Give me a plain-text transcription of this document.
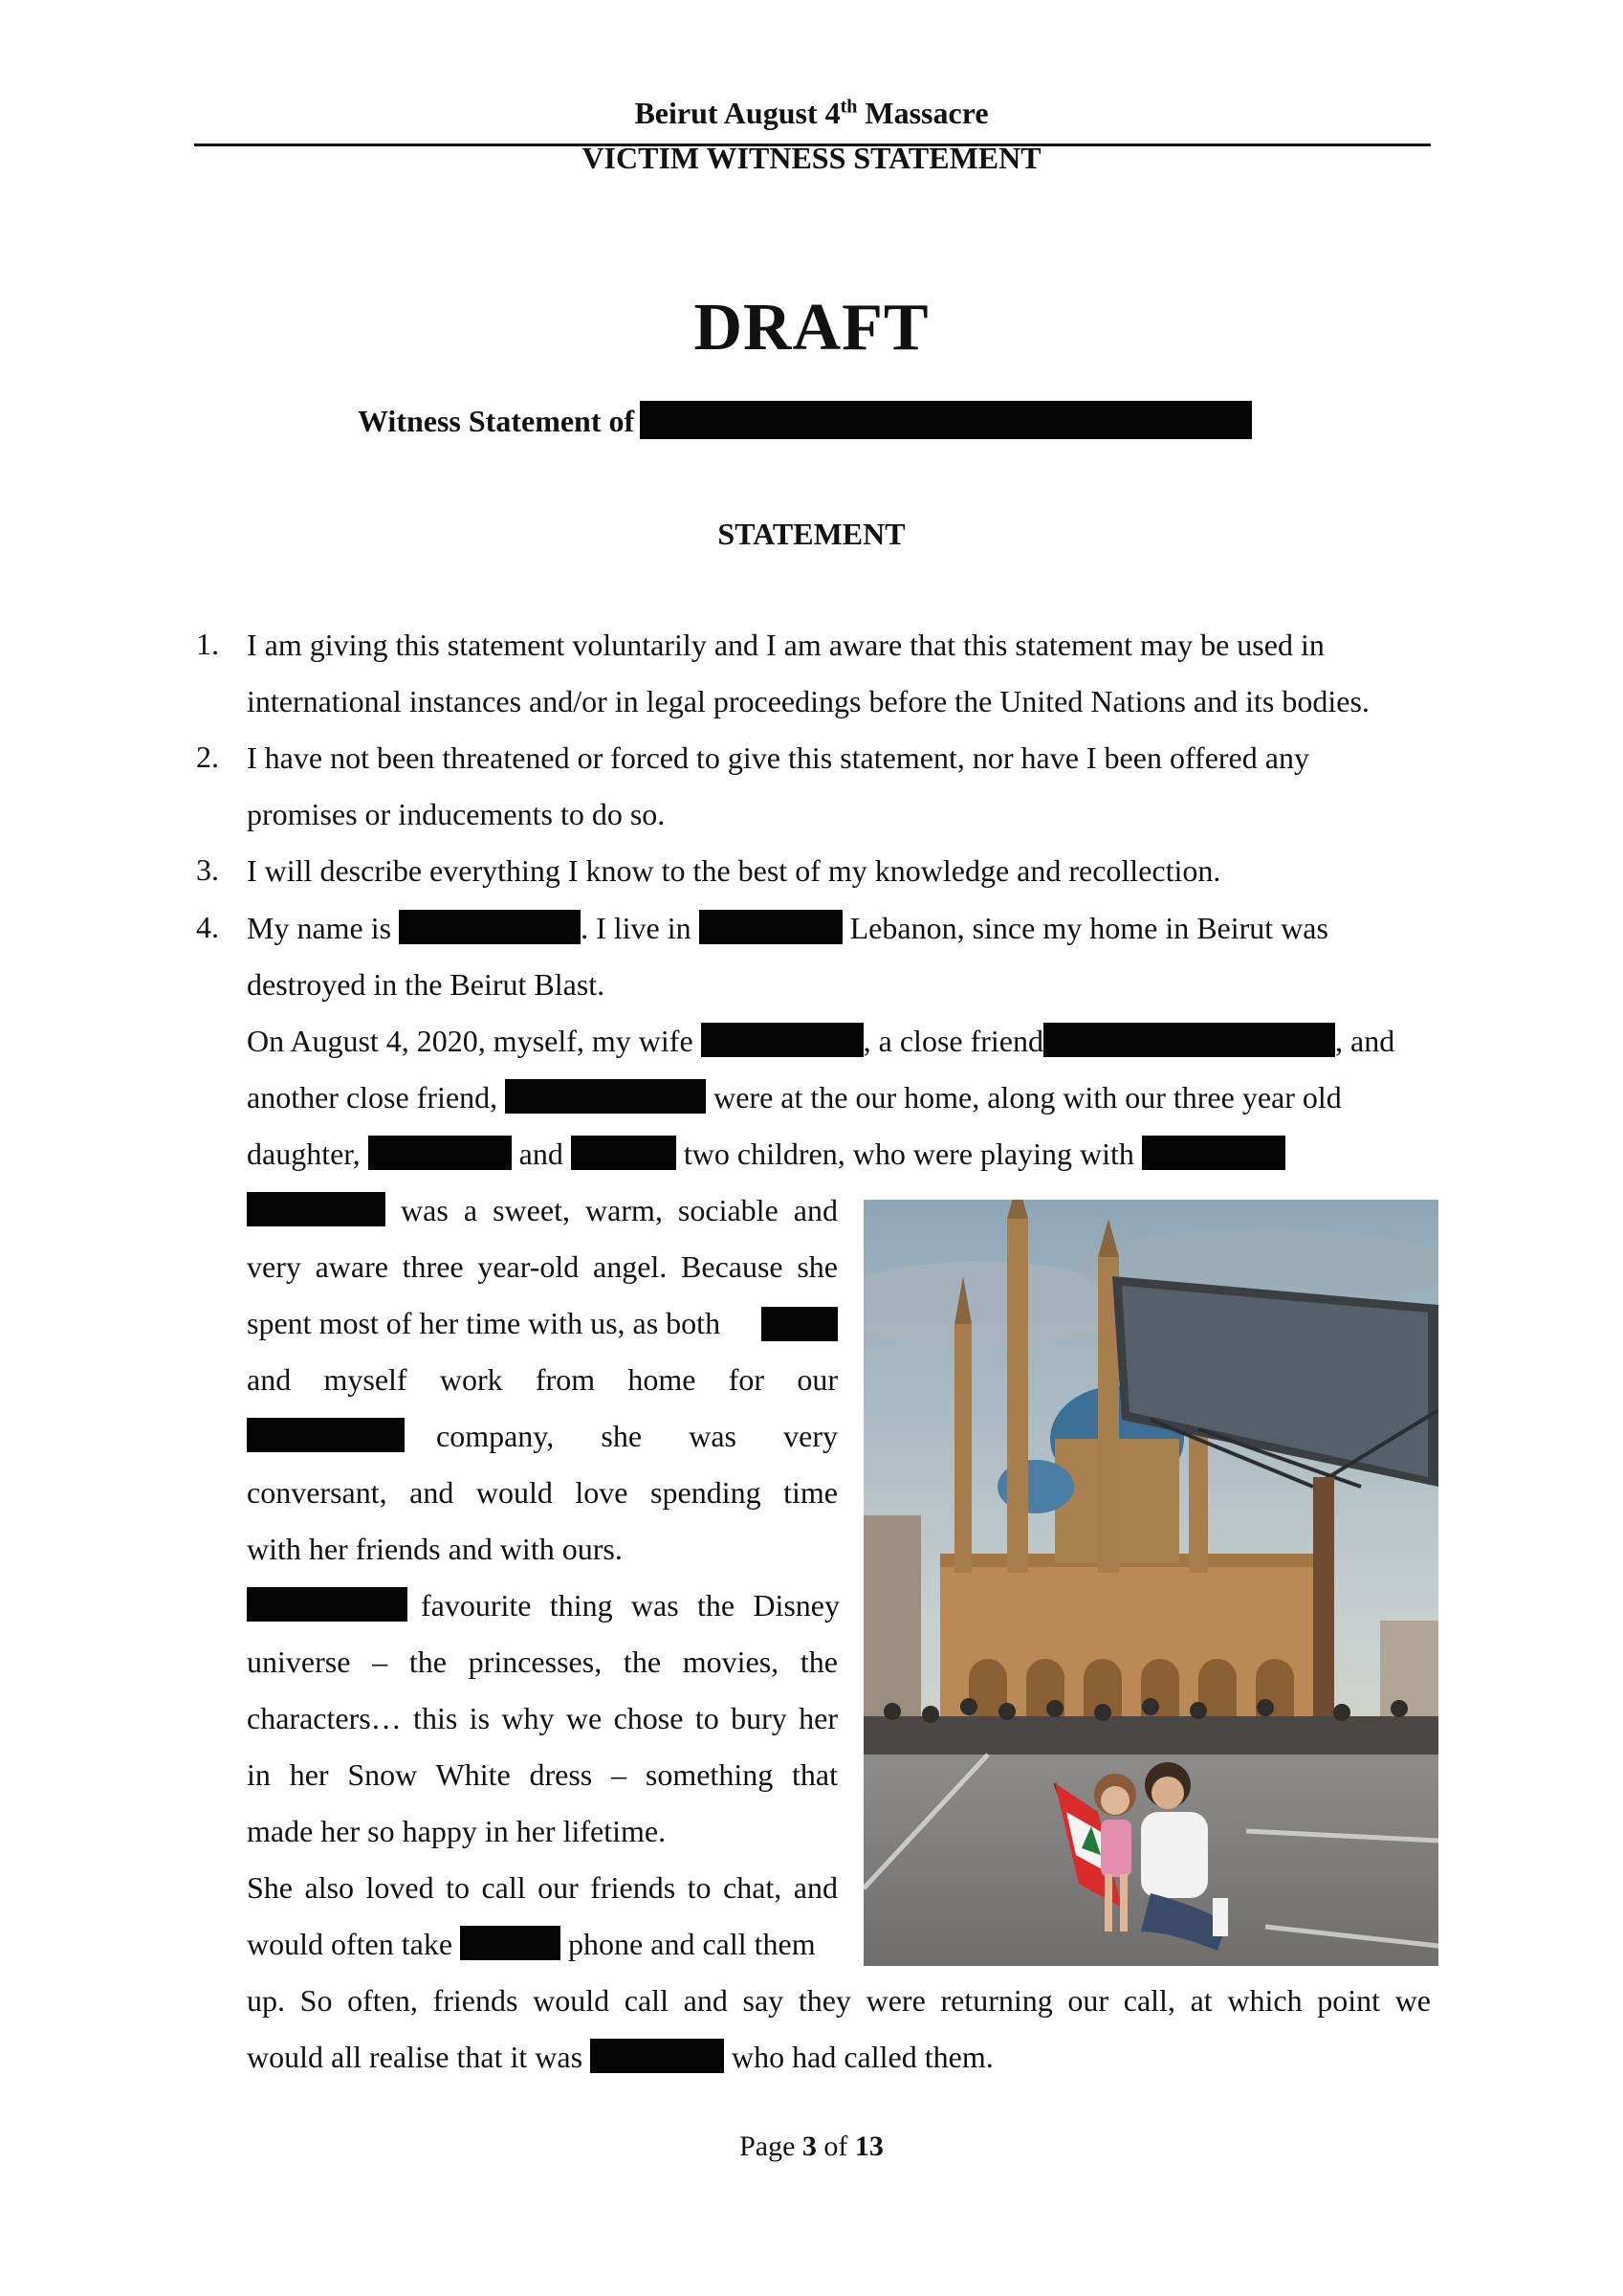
Beirut August 4th Massacre
VICTIM WITNESS STATEMENT
DRAFT
Witness Statement of
STATEMENT
1. I am giving this statement voluntarily and I am aware that this statement may be used in
international instances and/or in legal proceedings before the United Nations and its bodies.
2. I have not been threatened or forced to give this statement, nor have I been offered any
promises or inducements to do so.
3. I will describe everything I know to the best of my knowledge and recollection.
4. My name is	. I live in	Lebanon, since my home in Beirut was
destroyed in the Beirut Blast.
On August 4, 2020, myself, my wife	, a close friend	, and
another close friend,	were at the our home, along with our three year old
daughter,	and	two children, who were playing with
was a sweet, warm, sociable and
very aware three year-old angel. Because she
spent most of her time with us, as both
and myself work from home for our
company, she was very
conversant, and would love spending time
with her friends and with ours.
favourite thing was the Disney
universe – the princesses, the movies, the
characters… this is why we chose to bury her
in her Snow White dress – something that
made her so happy in her lifetime.
She also loved to call our friends to chat, and
would often take	phone and call them
up. So often, friends would call and say they were returning our call, at which point we
would all realise that it was	who had called them.
Page 3 of 13
